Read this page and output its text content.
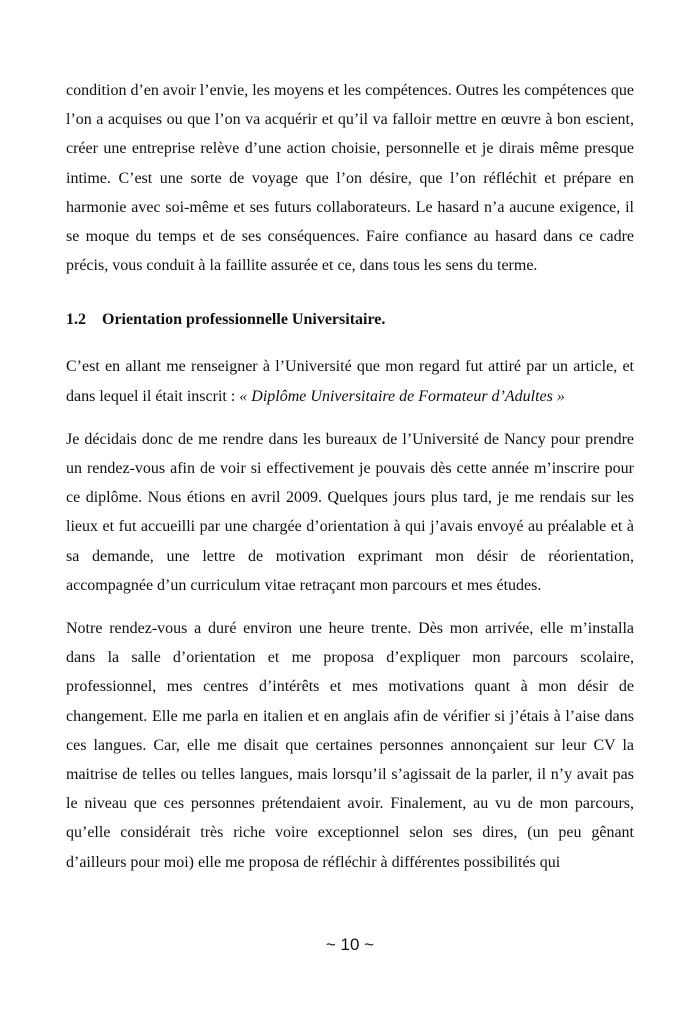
condition d’en avoir l’envie, les moyens et les compétences. Outres les compétences que l’on a acquises ou que l’on va acquérir et qu’il va falloir mettre en œuvre à bon escient, créer une entreprise relève d’une action choisie, personnelle et je dirais même presque intime. C’est une sorte de voyage que l’on désire, que l’on réfléchit et prépare en harmonie avec soi-même et ses futurs collaborateurs. Le hasard n’a aucune exigence, il se moque du temps et de ses conséquences. Faire confiance au hasard dans ce cadre précis, vous conduit à la faillite assurée et ce, dans tous les sens du terme.

1.2 Orientation professionnelle Universitaire.

C’est en allant me renseigner à l’Université que mon regard fut attiré par un article, et dans lequel il était inscrit : « Diplôme Universitaire de Formateur d’Adultes »

Je décidais donc de me rendre dans les bureaux de l’Université de Nancy pour prendre un rendez-vous afin de voir si effectivement je pouvais dès cette année m’inscrire pour ce diplôme. Nous étions en avril 2009. Quelques jours plus tard, je me rendais sur les lieux et fut accueilli par une chargée d’orientation à qui j’avais envoyé au préalable et à sa demande, une lettre de motivation exprimant mon désir de réorientation, accompagnée d’un curriculum vitae retraçant mon parcours et mes études.

Notre rendez-vous a duré environ une heure trente. Dès mon arrivée, elle m’installa dans la salle d’orientation et me proposa d’expliquer mon parcours scolaire, professionnel, mes centres d’intérêts et mes motivations quant à mon désir de changement. Elle me parla en italien et en anglais afin de vérifier si j’étais à l’aise dans ces langues. Car, elle me disait que certaines personnes annonçaient sur leur CV la maitrise de telles ou telles langues, mais lorsqu’il s’agissait de la parler, il n’y avait pas le niveau que ces personnes prétendaient avoir. Finalement, au vu de mon parcours, qu’elle considérait très riche voire exceptionnel selon ses dires, (un peu gênant d’ailleurs pour moi) elle me proposa de réfléchir à différentes possibilités qui

~ 10 ~
